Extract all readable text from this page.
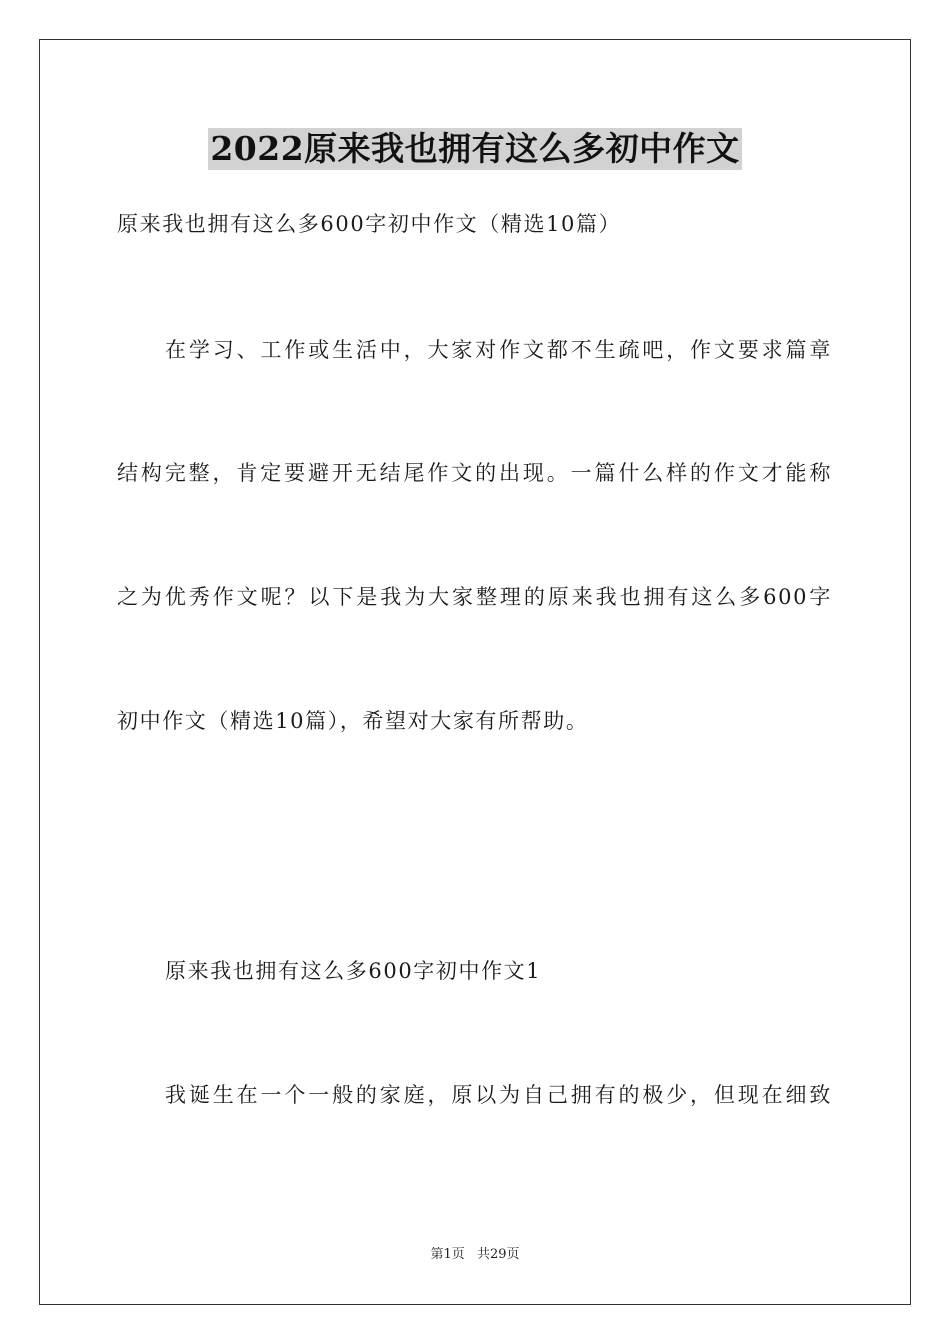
2022原来我也拥有这么多初中作文
原来我也拥有这么多600字初中作文（精选10篇）
在学习、工作或生活中，大家对作文都不生疏吧，作文要求篇章
结构完整，肯定要避开无结尾作文的出现。一篇什么样的作文才能称
之为优秀作文呢？以下是我为大家整理的原来我也拥有这么多600字
初中作文（精选10篇），希望对大家有所帮助。
原来我也拥有这么多600字初中作文1
我诞生在一个一般的家庭，原以为自己拥有的极少，但现在细致
第1页 共29页
